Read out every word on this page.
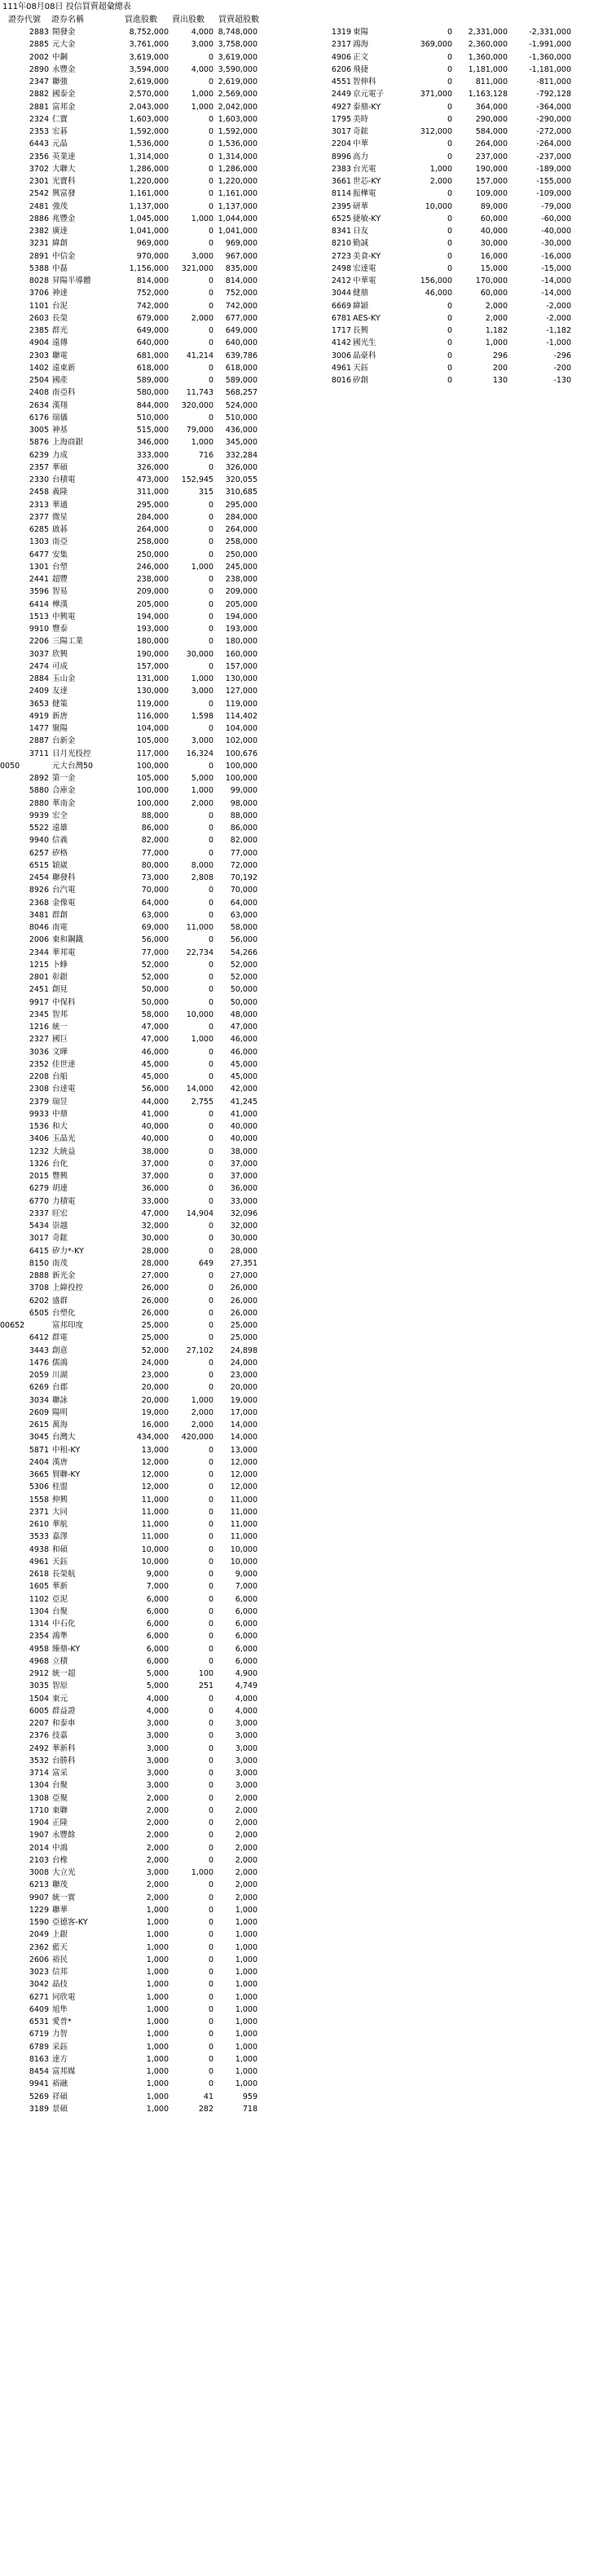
111年08月08日 投信買賣超彙總表
證券代號 證券名稱	買進股數 賣出股數 買賣超股數
2883 開發金	8,752,000	4,000 8,748,000
2885 元大金	3,761,000	3,000 3,758,000
2002 中鋼	3,619,000	0 3,619,000
2890 永豐金	3,594,000	4,000 3,590,000
2347 聯強	2,619,000	0 2,619,000
2882 國泰金	2,570,000	1,000 2,569,000
2881 富邦金	2,043,000	1,000 2,042,000
2324 仁寶	1,603,000	0 1,603,000
2353 宏碁	1,592,000	0 1,592,000
6443 元晶	1,536,000	0 1,536,000
2356 英業達	1,314,000	0 1,314,000
3702 大聯大	1,286,000	0 1,286,000
2301 光寶科	1,220,000	0 1,220,000
2542 興富發	1,161,000	0 1,161,000
2481 強茂	1,137,000	0 1,137,000
2886 兆豐金	1,045,000	1,000 1,044,000
2382 廣達	1,041,000	0 1,041,000
3231 緯創	969,000	0	969,000
2891 中信金	970,000	3,000	967,000
5388 中磊	1,156,000	321,000	835,000
8028 昇陽半導體	814,000	0	814,000
3706 神達	752,000	0	752,000
1101 台泥	742,000	0	742,000
2603 長榮	679,000	2,000	677,000
2385 群光	649,000	0	649,000
4904 遠傳	640,000	0	640,000
2303 聯電	681,000	41,214	639,786
1402 遠東新	618,000	0	618,000
2504 國產	589,000	0	589,000
2408 南亞科	580,000	11,743	568,257
2634 漢翔	844,000	320,000	524,000
6176 瑞儀	510,000	0	510,000
3005 神基	515,000	79,000	436,000
5876 上海商銀	346,000	1,000	345,000
6239 力成	333,000	716	332,284
2357 華碩	326,000	0	326,000
2330 台積電	473,000	152,945	320,055
2458 義隆	311,000	315	310,685
2313 華通	295,000	0	295,000
2377 微星	284,000	0	284,000
6285 啟碁	264,000	0	264,000
1303 南亞	258,000	0	258,000
6477 安集	250,000	0	250,000
1301 台塑	246,000	1,000	245,000
2441 超豐	238,000	0	238,000
3596 智易	209,000	0	209,000
6414 樺漢	205,000	0	205,000
1513 中興電	194,000	0	194,000
9910 豐泰	193,000	0	193,000
2206 三陽工業	180,000	0	180,000
3037 欣興	190,000	30,000	160,000
2474 可成	157,000	0	157,000
2884 玉山金	131,000	1,000	130,000
2409 友達	130,000	3,000	127,000
3653 健策	119,000	0	119,000
4919 新唐	116,000	1,598	114,402
1477 聚陽	104,000	0	104,000
2887 台新金	105,000	3,000	102,000
3711 日月光投控	117,000	16,324	100,676
0050	元大台灣50	100,000	0	100,000
2892 第一金	105,000	5,000	100,000
5880 合庫金	100,000	1,000	99,000
2880 華南金	100,000	2,000	98,000
9939 宏全	88,000	0	88,000
5522 遠雄	86,000	0	86,000
9940 信義	82,000	0	82,000
6257 矽格	77,000	0	77,000
6515 穎崴	80,000	8,000	72,000
2454 聯發科	73,000	2,808	70,192
8926 台汽電	70,000	0	70,000
2368 金像電	64,000	0	64,000
3481 群創	63,000	0	63,000
8046 南電	69,000	11,000	58,000
2006 東和鋼鐵	56,000	0	56,000
2344 華邦電	77,000	22,734	54,266
1215 卜蜂	52,000	0	52,000
2801 彰銀	52,000	0	52,000
2451 創見	50,000	0	50,000
9917 中保科	50,000	0	50,000
2345 智邦	58,000	10,000	48,000
1216 統一	47,000	0	47,000
2327 國巨	47,000	1,000	46,000
3036 文曄	46,000	0	46,000
2352 佳世達	45,000	0	45,000
2208 台船	45,000	0	45,000
2308 台達電	56,000	14,000	42,000
2379 瑞昱	44,000	2,755	41,245
9933 中鼎	41,000	0	41,000
1536 和大	40,000	0	40,000
3406 玉晶光	40,000	0	40,000
1232 大統益	38,000	0	38,000
1326 台化	37,000	0	37,000
2015 豐興	37,000	0	37,000
6279 胡連	36,000	0	36,000
6770 力積電	33,000	0	33,000
2337 旺宏	47,000	14,904	32,096
5434 崇越	32,000	0	32,000
3017 奇鋐	30,000	0	30,000
6415 矽力*-KY	28,000	0	28,000
8150 南茂	28,000	649	27,351
2888 新光金	27,000	0	27,000
3708 上緯投控	26,000	0	26,000
6202 盛群	26,000	0	26,000
6505 台塑化	26,000	0	26,000
00652	富邦印度	25,000	0	25,000
6412 群電	25,000	0	25,000
3443 創意	52,000	27,102	24,898
1476 儒鴻	24,000	0	24,000
2059 川湖	23,000	0	23,000
6269 台郡	20,000	0	20,000
3034 聯詠	20,000	1,000	19,000
2609 陽明	19,000	2,000	17,000
2615 萬海	16,000	2,000	14,000
3045 台灣大	434,000	420,000	14,000
5871 中租-KY	13,000	0	13,000
2404 漢唐	12,000	0	12,000
3665 貿聯-KY	12,000	0	12,000
5306 桂盟	12,000	0	12,000
1558 伸興	11,000	0	11,000
2371 大同	11,000	0	11,000
2610 華航	11,000	0	11,000
3533 嘉澤	11,000	0	11,000
4938 和碩	10,000	0	10,000
4961 天鈺	10,000	0	10,000
2618 長榮航	9,000	0	9,000
1605 華新	7,000	0	7,000
1102 亞泥	6,000	0	6,000
1304 台聚	6,000	0	6,000
1314 中石化	6,000	0	6,000
2354 鴻準	6,000	0	6,000
4958 臻鼎-KY	6,000	0	6,000
4968 立積	6,000	0	6,000
2912 統一超	5,000	100	4,900
3035 智原	5,000	251	4,749
1504 東元	4,000	0	4,000
6005 群益證	4,000	0	4,000
2207 和泰車	3,000	0	3,000
2376 技嘉	3,000	0	3,000
2492 華新科	3,000	0	3,000
3532 台勝科	3,000	0	3,000
3714 富采	3,000	0	3,000
1304 台聚	3,000	0	3,000
1308 亞聚	2,000	0	2,000
1710 東聯	2,000	0	2,000
1904 正隆	2,000	0	2,000
1907 永豐餘	2,000	0	2,000
2014 中鴻	2,000	0	2,000
2103 台橡	2,000	0	2,000
3008 大立光	3,000	1,000	2,000
6213 聯茂	2,000	0	2,000
9907 統一實	2,000	0	2,000
1229 聯華	1,000	0	1,000
1590 亞德客-KY	1,000	0	1,000
2049 上銀	1,000	0	1,000
2362 藍天	1,000	0	1,000
2606 裕民	1,000	0	1,000
3023 信邦	1,000	0	1,000
3042 晶技	1,000	0	1,000
6271 同欣電	1,000	0	1,000
6409 旭隼	1,000	0	1,000
6531 愛普*	1,000	0	1,000
6719 力智	1,000	0	1,000
6789 采鈺	1,000	0	1,000
8163 達方	1,000	0	1,000
8454 富邦媒	1,000	0	1,000
9941 裕融	1,000	0	1,000
5269 祥碩	1,000	41	959
3189 景碩	1,000	282	718
1319 東陽	0	2,331,000	-2,331,000
2317 鴻海	369,000	2,360,000	-1,991,000
4906 正文	0	1,360,000	-1,360,000
6206 飛捷	0	1,181,000	-1,181,000
4551 智伸科	0	811,000	-811,000
2449 京元電子	371,000	1,163,128	-792,128
4927 泰鼎-KY	0	364,000	-364,000
1795 美時	0	290,000	-290,000
3017 奇鋐	312,000	584,000	-272,000
2204 中華	0	264,000	-264,000
8996 高力	0	237,000	-237,000
2383 台光電	1,000	190,000	-189,000
3661 世芯-KY	2,000	157,000	-155,000
8114 振樺電	0	109,000	-109,000
2395 研華	10,000	89,000	-79,000
6525 捷敏-KY	0	60,000	-60,000
8341 日友	0	40,000	-40,000
8210 勤誠	0	30,000	-30,000
2723 美食-KY	0	16,000	-16,000
2498 宏達電	0	15,000	-15,000
2412 中華電	156,000	170,000	-14,000
3044 健鼎	46,000	60,000	-14,000
6669 緯穎	0	2,000	-2,000
6781 AES-KY	0	2,000	-2,000
1717 長興	0	1,182	-1,182
4142 國光生	0	1,000	-1,000
3006 晶豪科	0	296	-296
4961 天鈺	0	200	-200
8016 矽創	0	130	-130
